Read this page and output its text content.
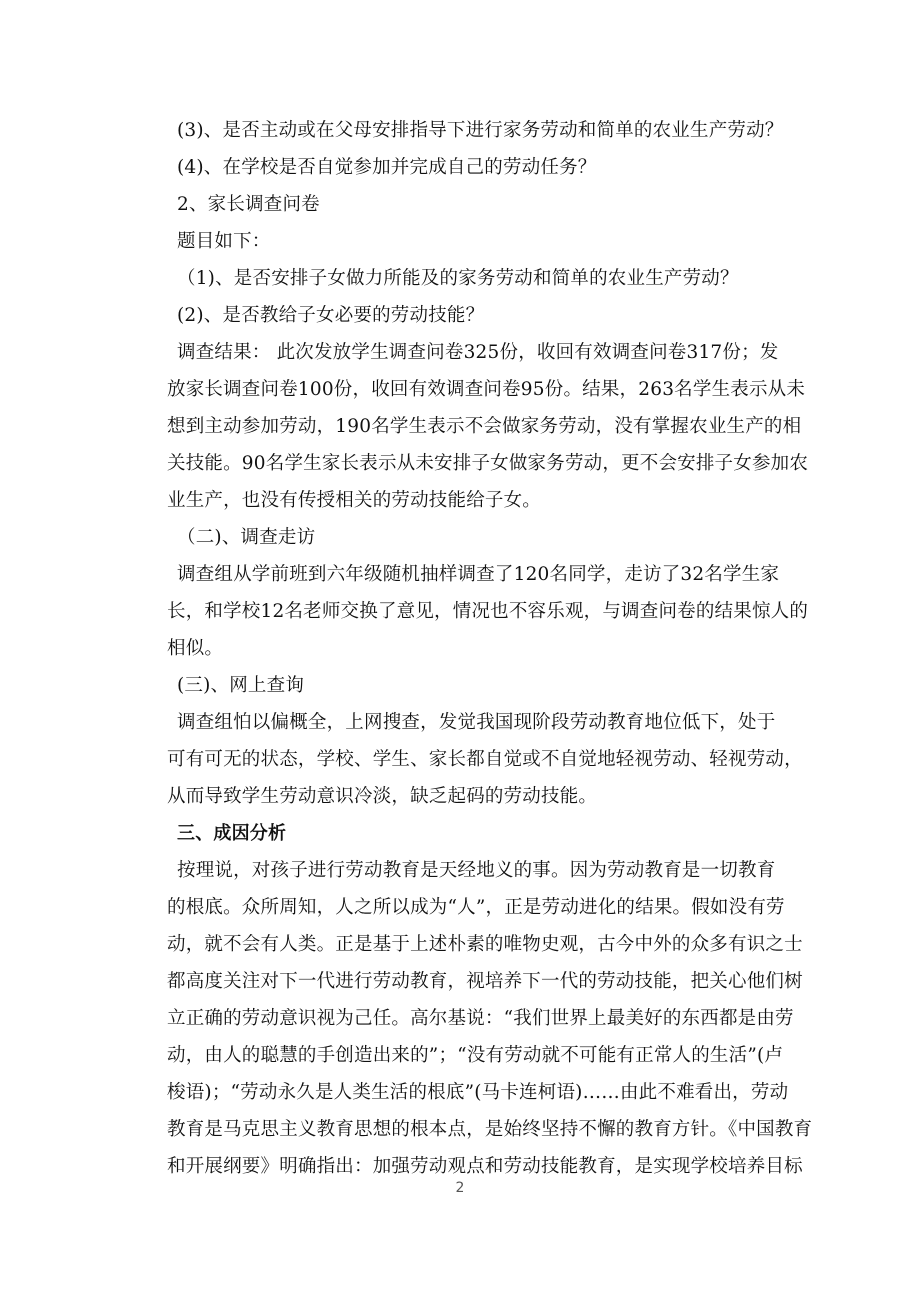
(3)、是否主动或在父母安排指导下进行家务劳动和简单的农业生产劳动？
(4)、在学校是否自觉参加并完成自己的劳动任务？
2、家长调查问卷
题目如下：
（1)、是否安排子女做力所能及的家务劳动和简单的农业生产劳动？
(2)、是否教给子女必要的劳动技能？
调查结果： 此次发放学生调查问卷325份，收回有效调查问卷317份；发
放家长调查问卷100份，收回有效调查问卷95份。结果，263名学生表示从未
想到主动参加劳动，190名学生表示不会做家务劳动，没有掌握农业生产的相
关技能。90名学生家长表示从未安排子女做家务劳动，更不会安排子女参加农
业生产，也没有传授相关的劳动技能给子女。
（二)、调查走访
调查组从学前班到六年级随机抽样调查了120名同学，走访了32名学生家
长，和学校12名老师交换了意见，情况也不容乐观，与调查问卷的结果惊人的
相似。
(三)、网上查询
调查组怕以偏概全，上网搜查，发觉我国现阶段劳动教育地位低下，处于
可有可无的状态，学校、学生、家长都自觉或不自觉地轻视劳动、轻视劳动，
从而导致学生劳动意识冷淡，缺乏起码的劳动技能。
三、成因分析
按理说，对孩子进行劳动教育是天经地义的事。因为劳动教育是一切教育
的根底。众所周知，人之所以成为“人”，正是劳动进化的结果。假如没有劳
动，就不会有人类。正是基于上述朴素的唯物史观，古今中外的众多有识之士
都高度关注对下一代进行劳动教育，视培养下一代的劳动技能，把关心他们树
立正确的劳动意识视为己任。高尔基说：“我们世界上最美好的东西都是由劳
动，由人的聪慧的手创造出来的”；“没有劳动就不可能有正常人的生活”(卢
梭语)；“劳动永久是人类生活的根底”(马卡连柯语)……由此不难看出，劳动
教育是马克思主义教育思想的根本点，是始终坚持不懈的教育方针。《中国教育
和开展纲要》明确指出：加强劳动观点和劳动技能教育，是实现学校培养目标
2
